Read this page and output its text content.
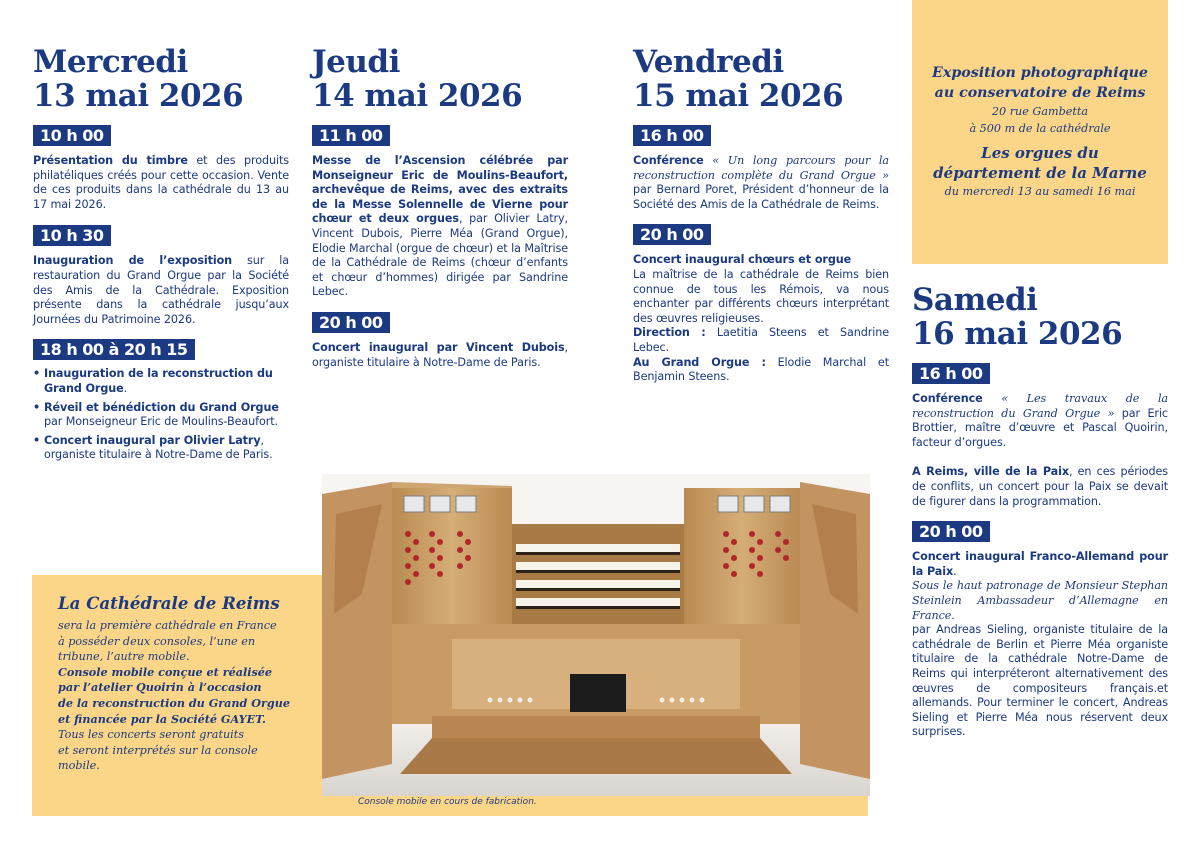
Mercredi
13 mai 2026
10 h 00
Présentation du timbre et des produits philatéliques créés pour cette occasion. Vente de ces produits dans la cathédrale du 13 au 17 mai 2026.
10 h 30
Inauguration de l’exposition sur la restauration du Grand Orgue par la Société des Amis de la Cathédrale. Exposition présente dans la cathédrale jusqu’aux Journées du Patrimoine 2026.
18 h 00 à 20 h 15
• Inauguration de la reconstruction du Grand Orgue.
• Réveil et bénédiction du Grand Orgue par Monseigneur Eric de Moulins-Beaufort.
• Concert inaugural par Olivier Latry, organiste titulaire à Notre-Dame de Paris.
Jeudi
14 mai 2026
11 h 00
Messe de l’Ascension célébrée par Monseigneur Eric de Moulins-Beaufort, archevêque de Reims, avec des extraits de la Messe Solennelle de Vierne pour chœur et deux orgues, par Olivier Latry, Vincent Dubois, Pierre Méa (Grand Orgue), Elodie Marchal (orgue de chœur) et la Maîtrise de la Cathédrale de Reims (chœur d’enfants et chœur d’hommes) dirigée par Sandrine Lebec.
20 h 00
Concert inaugural par Vincent Dubois, organiste titulaire à Notre-Dame de Paris.
Vendredi
15 mai 2026
16 h 00
Conférence « Un long parcours pour la reconstruction complète du Grand Orgue » par Bernard Poret, Président d’honneur de la Société des Amis de la Cathédrale de Reims.
20 h 00
Concert inaugural chœurs et orgue
La maîtrise de la cathédrale de Reims bien connue de tous les Rémois, va nous enchanter par différents chœurs interprétant des œuvres religieuses.
Direction : Laetitia Steens et Sandrine Lebec.
Au Grand Orgue : Elodie Marchal et Benjamin Steens.
Exposition photographique au conservatoire de Reims
20 rue Gambetta
à 500 m de la cathédrale
Les orgues du département de la Marne
du mercredi 13 au samedi 16 mai
Samedi
16 mai 2026
16 h 00
Conférence « Les travaux de la reconstruction du Grand Orgue » par Eric Brottier, maître d’œuvre et Pascal Quoirin, facteur d’orgues.
A Reims, ville de la Paix, en ces périodes de conflits, un concert pour la Paix se devait de figurer dans la programmation.
20 h 00
Concert inaugural Franco-Allemand pour la Paix.
Sous le haut patronage de Monsieur Stephan Steinlein Ambassadeur d’Allemagne en France.
par Andreas Sieling, organiste titulaire de la cathédrale de Berlin et Pierre Méa organiste titulaire de la cathédrale Notre-Dame de Reims qui interpréteront alternativement des œuvres de compositeurs français.et allemands. Pour terminer le concert, Andreas Sieling et Pierre Méa nous réservent deux surprises.
La Cathédrale de Reims

sera la première cathédrale en France

à posséder deux consoles, l’une en

tribune, l’autre mobile.

Console mobile conçue et réalisée

par l’atelier Quoirin à l’occasion

de la reconstruction du Grand Orgue

et financée par la Société GAYET.

Tous les concerts seront gratuits

et seront interprétés sur la console

mobile.

Console mobile en cours de fabrication.
